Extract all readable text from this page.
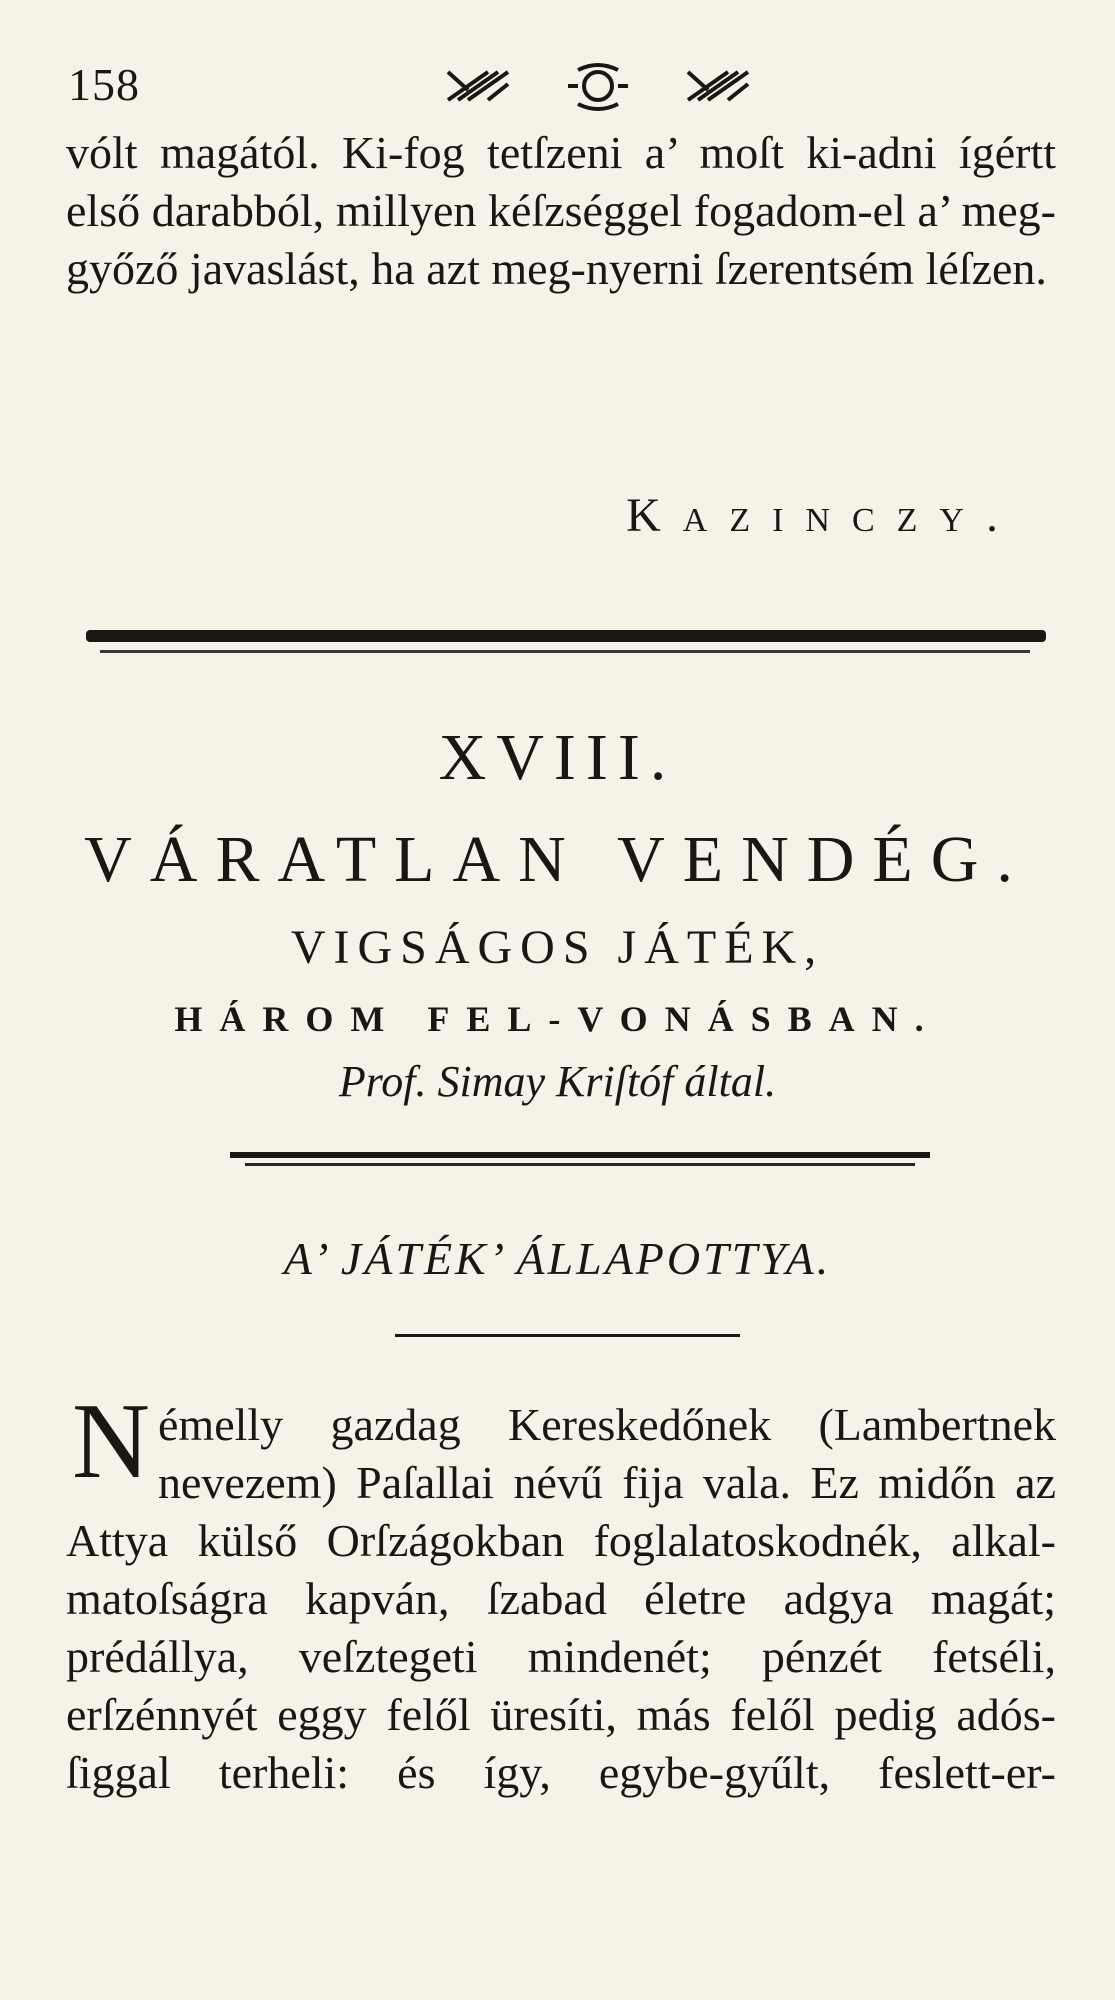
158
vólt magától. Ki-fog tetſzeni a’ moſt ki-adni ígértt első darabból, millyen kéſzséggel fogadom-el a’ meg-győző javaslást, ha azt meg-nyerni ſzerentsém léſzen.
Kazinczy.
XVIII.
VÁRATLAN VENDÉG.
VIGSÁGOS JÁTÉK,
HÁROM FEL-VONÁSBAN.
Prof. Simay Kriſtóf által.
A’ JÁTÉK’ ÁLLAPOTTYA.
N émelly gazdag Kereskedőnek (Lambertnek
nevezem) Paſallai névű fija vala. Ez midőn az
Attya külső Orſzágokban foglalatoskodnék, alkal-
matoſságra kapván, ſzabad életre adgya magát;
prédállya, veſztegeti mindenét; pénzét fetséli,
erſzénnyét eggy felől üresíti, más felől pedig adós-
ſiggal terheli: és így, egybe-gyűlt, feslett-er-
